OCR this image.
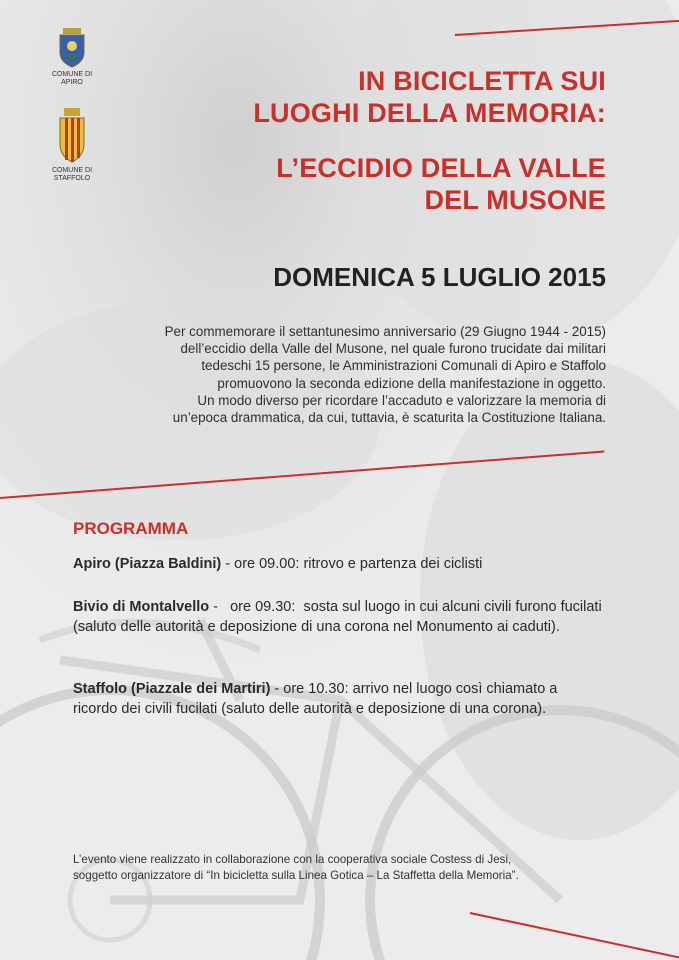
COMUNE DI
APIRO
COMUNE DI
STAFFOLO
IN BICICLETTA SUI
LUOGHI DELLA MEMORIA:
L’ECCIDIO DELLA VALLE
DEL MUSONE
DOMENICA 5 LUGLIO 2015
Per commemorare il settantunesimo anniversario (29 Giugno 1944 - 2015)
dell’eccidio della Valle del Musone, nel quale furono trucidate dai militari
tedeschi 15 persone, le Amministrazioni Comunali di Apiro e Staffolo
promuovono la seconda edizione della manifestazione in oggetto.
Un modo diverso per ricordare l’accaduto e valorizzare la memoria di
un’epoca drammatica, da cui, tuttavia, è scaturita la Costituzione Italiana.
PROGRAMMA
Apiro (Piazza Baldini) - ore 09.00: ritrovo e partenza dei ciclisti
Bivio di Montalvello -   ore 09.30:  sosta sul luogo in cui alcuni civili furono fucilati (saluto delle autorità e deposizione di una corona nel Monumento ai caduti).
Staffolo (Piazzale dei Martiri) - ore 10.30: arrivo nel luogo così chiamato a ricordo dei civili fucilati (saluto delle autorità e deposizione di una corona).
L’evento viene realizzato in collaborazione con la cooperativa sociale Costess di Jesi,
soggetto organizzatore di “In bicicletta sulla Linea Gotica – La Staffetta della Memoria”.
